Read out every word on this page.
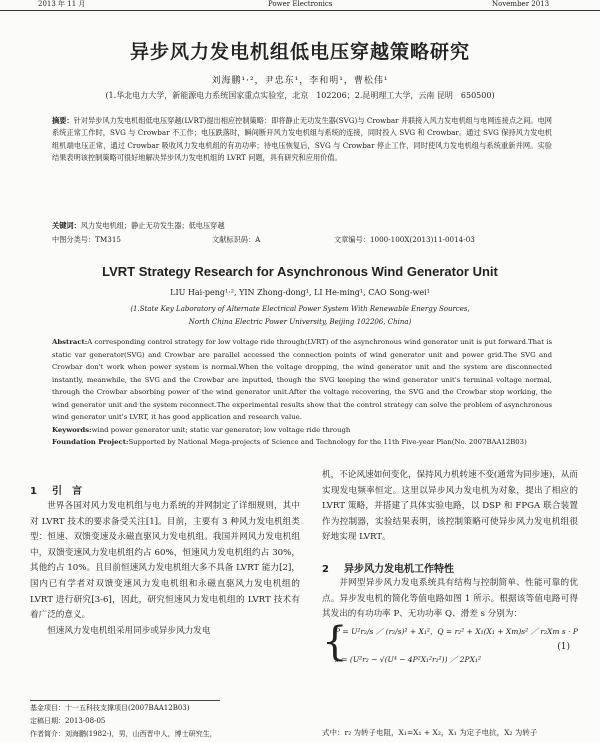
2013 年 11 月	Power Electronics	November 2013
异步风力发电机组低电压穿越策略研究
刘海鹏¹·²，尹忠东¹，李和明¹，曹松伟¹
(1.华北电力大学，新能源电力系统国家重点实验室，北京　102206；2.昆明理工大学，云南 昆明　650500)
摘要：针对异步风力发电机组低电压穿越(LVRT)提出相应控制策略：即将静止无功发生器(SVG)与 Crowbar 并联接入风力发电机组与电网连接点之间。电网系统正常工作时，SVG 与 Crowbar 不工作；电压跌落时，瞬间断开风力发电机组与系统的连接，同时投入 SVG 和 Crowbar。通过 SVG 保持风力发电机组机端电压正常，通过 Crowbar 吸收风力发电机组的有功功率；待电压恢复后，SVG 与 Crowbar 停止工作，同时使风力发电机组与系统重新并网。实验结果表明该控制策略可很好地解决异步风力发电机组的 LVRT 问题，具有研究和应用价值。
关键词：风力发电机组；静止无功发生器；低电压穿越
中图分类号：TM315	文献标识码：A	文章编号：1000-100X(2013)11-0014-03
LVRT Strategy Research for Asynchronous Wind Generator Unit
LIU Hai-peng¹·², YIN Zhong-dong¹, LI He-ming¹, CAO Song-wei¹
(1.State Key Laboratory of Alternate Electrical Power System With Renewable Energy Sources,
North China Electric Power University, Beijing 102206, China)
Abstract:A corresponding control strategy for low voltage ride through(LVRT) of the asynchronous wind generator unit is put forward.That is static var generator(SVG) and Crowbar are parallel accessed the connection points of wind generator unit and power grid.The SVG and Crowbar don't work when power system is normal.When the voltage dropping, the wind generator unit and the system are disconnected instantly, meanwhile, the SVG and the Crowbar are inputted, though the SVG keeping the wind generator unit's terminal voltage normal, through the Crowbar absorbing power of the wind generator unit.After the voltage recovering, the SVG and the Crowbar stop working, the wind generator unit and the system reconnect.The experimental results show that the control strategy can solve the problem of asynchronous wind generator unit's LVRT, it has good application and research value.
Keywords:wind power generator unit; static var generator; low voltage ride through
Foundation Project:Supported by National Mega-projects of Science and Technology for the 11th Five-year Plan(No. 2007BAA12B03)
1 引　言

世界各国对风力发电机组与电力系统的并网制定了详细规则，其中对 LVRT 技术的要求备受关注[1]。目前，主要有 3 种风力发电机组类型：恒速、双馈变速及永磁直驱风力发电机组。我国并网风力发电机组中，双馈变速风力发电机组约占 60%，恒速风力发电机组约占 30%，其他约占 10%。且目前恒速风力发电机组大多不具备 LVRT 能力[2]，国内已有学者对双馈变速风力发电机组和永磁直驱风力发电机组的 LVRT 进行研究[3-6]，因此，研究恒速风力发电机组的 LVRT 技术有着广泛的意义。

恒速风力发电机组采用同步或异步风力发电

机，不论风速如何变化，保持风力机转速不变(通常为同步速)，从而实现发电频率恒定。这里以异步风力发电机为对象，提出了相应的 LVRT 策略，并搭建了具体实验电路，以 DSP 和 FPGA 联合装置作为控制器，实验结果表明，该控制策略可使异步风力发电机组很好地实现 LVRT。

2 异步风力发电机工作特性

并网型异步风力发电系统具有结构与控制简单、性能可靠的优点。异步发电机的简化等值电路如图 1 所示。根据该等值电路可得其发出的有功功率 P、无功功率 Q、滑差 s 分别为：

{
P = U²r₂/s ／ (r₂/s)² + X₁²，Q = r₂² + X₁(X₁ + Xm)s² ／ r₂Xm s · P
s = (U²r₂ − √(U⁴ − 4P²X₁²r₂²)) ／ 2PX₁²
(1)
基金项目：十一五科技支撑项目(2007BAA12B03)
定稿日期：2013-08-05
作者简介：刘海鹏(1982-)，男，山西晋中人，博士研究生，	式中：r₂ 为转子电阻，X₁=X₁ + X₂，X₁ 为定子电抗，X₂ 为转子
